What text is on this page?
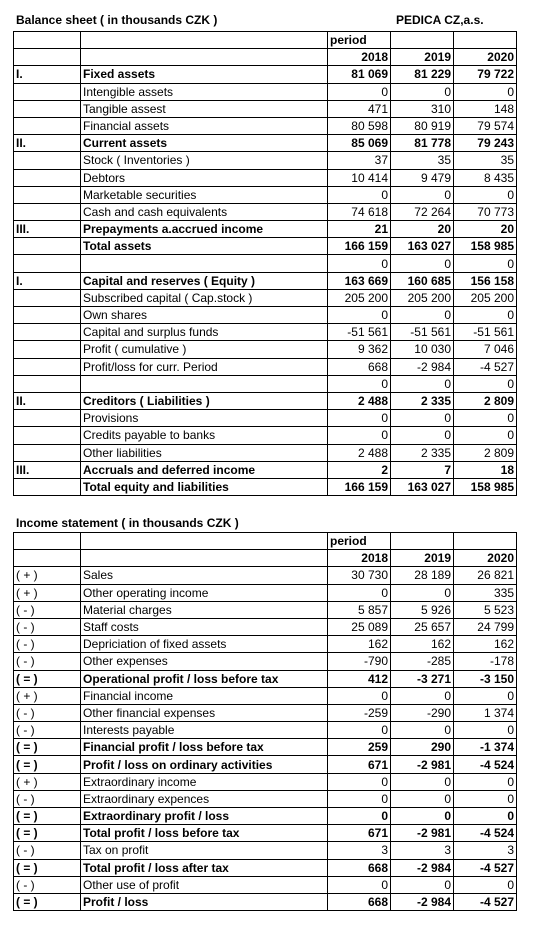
Balance sheet ( in thousands CZK )	PEDICA CZ,a.s.
		period		
		2018	2019	2020
I.	Fixed assets	81 069	81 229	79 722
	Intengible assets	0	0	0
	Tangible assest	471	310	148
	Financial assets	80 598	80 919	79 574
II.	Current assets	85 069	81 778	79 243
	Stock ( Inventories )	37	35	35
	Debtors	10 414	9 479	8 435
	Marketable securities	0	0	0
	Cash and cash equivalents	74 618	72 264	70 773
III.	Prepayments a.accrued income	21	20	20
	Total assets	166 159	163 027	158 985
		0	0	0
I.	Capital and reserves ( Equity )	163 669	160 685	156 158
	Subscribed capital ( Cap.stock )	205 200	205 200	205 200
	Own shares	0	0	0
	Capital and surplus funds	-51 561	-51 561	-51 561
	Profit ( cumulative )	9 362	10 030	7 046
	Profit/loss for curr. Period	668	-2 984	-4 527
		0	0	0
II.	Creditors ( Liabilities )	2 488	2 335	2 809
	Provisions	0	0	0
	Credits payable to banks	0	0	0
	Other liabilities	2 488	2 335	2 809
III.	Accruals and deferred income	2	7	18
	Total equity and liabilities	166 159	163 027	158 985
Income statement ( in thousands CZK )
		period		
		2018	2019	2020
( + )	Sales	30 730	28 189	26 821
( + )	Other operating income	0	0	335
( - )	Material charges	5 857	5 926	5 523
( - )	Staff costs	25 089	25 657	24 799
( - )	Depriciation of fixed assets	162	162	162
( - )	Other expenses	-790	-285	-178
( = )	Operational profit / loss before tax	412	-3 271	-3 150
( + )	Financial income	0	0	0
( - )	Other financial expenses	-259	-290	1 374
( - )	Interests payable	0	0	0
( = )	Financial profit / loss before tax	259	290	-1 374
( = )	Profit / loss on ordinary activities	671	-2 981	-4 524
( + )	Extraordinary income	0	0	0
( - )	Extraordinary expences	0	0	0
( = )	Extraordinary profit / loss	0	0	0
( = )	Total profit / loss before tax	671	-2 981	-4 524
( - )	Tax on profit	3	3	3
( = )	Total profit / loss after tax	668	-2 984	-4 527
( - )	Other use of profit	0	0	0
( = )	Profit / loss	668	-2 984	-4 527
